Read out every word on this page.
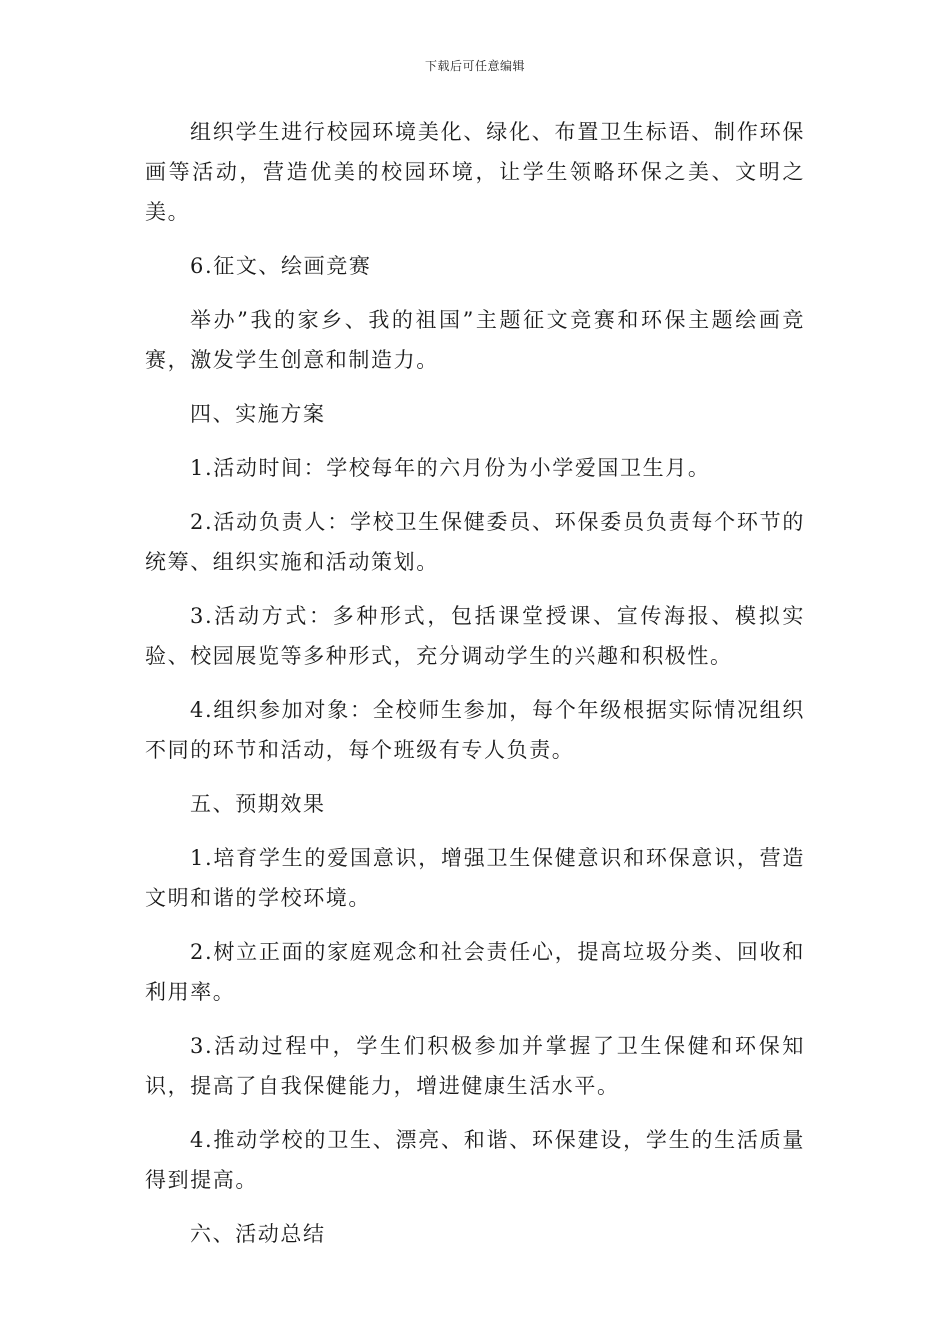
下载后可任意编辑

组织学生进行校园环境美化、绿化、布置卫生标语、制作环保画等活动，营造优美的校园环境，让学生领略环保之美、文明之美。

6.征文、绘画竞赛

举办”我的家乡、我的祖国”主题征文竞赛和环保主题绘画竞赛，激发学生创意和制造力。

四、实施方案

1.活动时间：学校每年的六月份为小学爱国卫生月。

2.活动负责人：学校卫生保健委员、环保委员负责每个环节的统筹、组织实施和活动策划。

3.活动方式：多种形式，包括课堂授课、宣传海报、模拟实验、校园展览等多种形式，充分调动学生的兴趣和积极性。

4.组织参加对象：全校师生参加，每个年级根据实际情况组织不同的环节和活动，每个班级有专人负责。

五、预期效果

1.培育学生的爱国意识，增强卫生保健意识和环保意识，营造文明和谐的学校环境。

2.树立正面的家庭观念和社会责任心，提高垃圾分类、回收和利用率。

3.活动过程中，学生们积极参加并掌握了卫生保健和环保知识，提高了自我保健能力，增进健康生活水平。

4.推动学校的卫生、漂亮、和谐、环保建设，学生的生活质量得到提高。

六、活动总结
